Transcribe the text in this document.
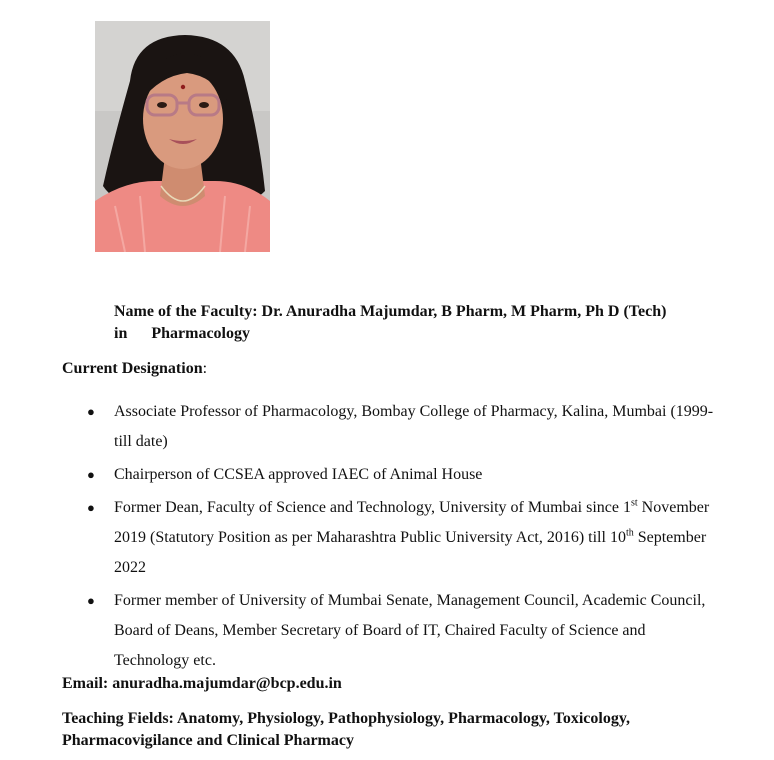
Name of the Faculty: Dr. Anuradha Majumdar, B Pharm, M Pharm, Ph D (Tech)
in Pharmacology
Current Designation:
● Associate Professor of Pharmacology, Bombay College of Pharmacy, Kalina, Mumbai (1999-till date)
● Chairperson of CCSEA approved IAEC of Animal House
● Former Dean, Faculty of Science and Technology, University of Mumbai since 1st November 2019 (Statutory Position as per Maharashtra Public University Act, 2016) till 10th September 2022
● Former member of University of Mumbai Senate, Management Council, Academic Council, Board of Deans, Member Secretary of Board of IT, Chaired Faculty of Science and Technology etc.
Email: anuradha.majumdar@bcp.edu.in
Teaching Fields: Anatomy, Physiology, Pathophysiology, Pharmacology, Toxicology, Pharmacovigilance and Clinical Pharmacy
